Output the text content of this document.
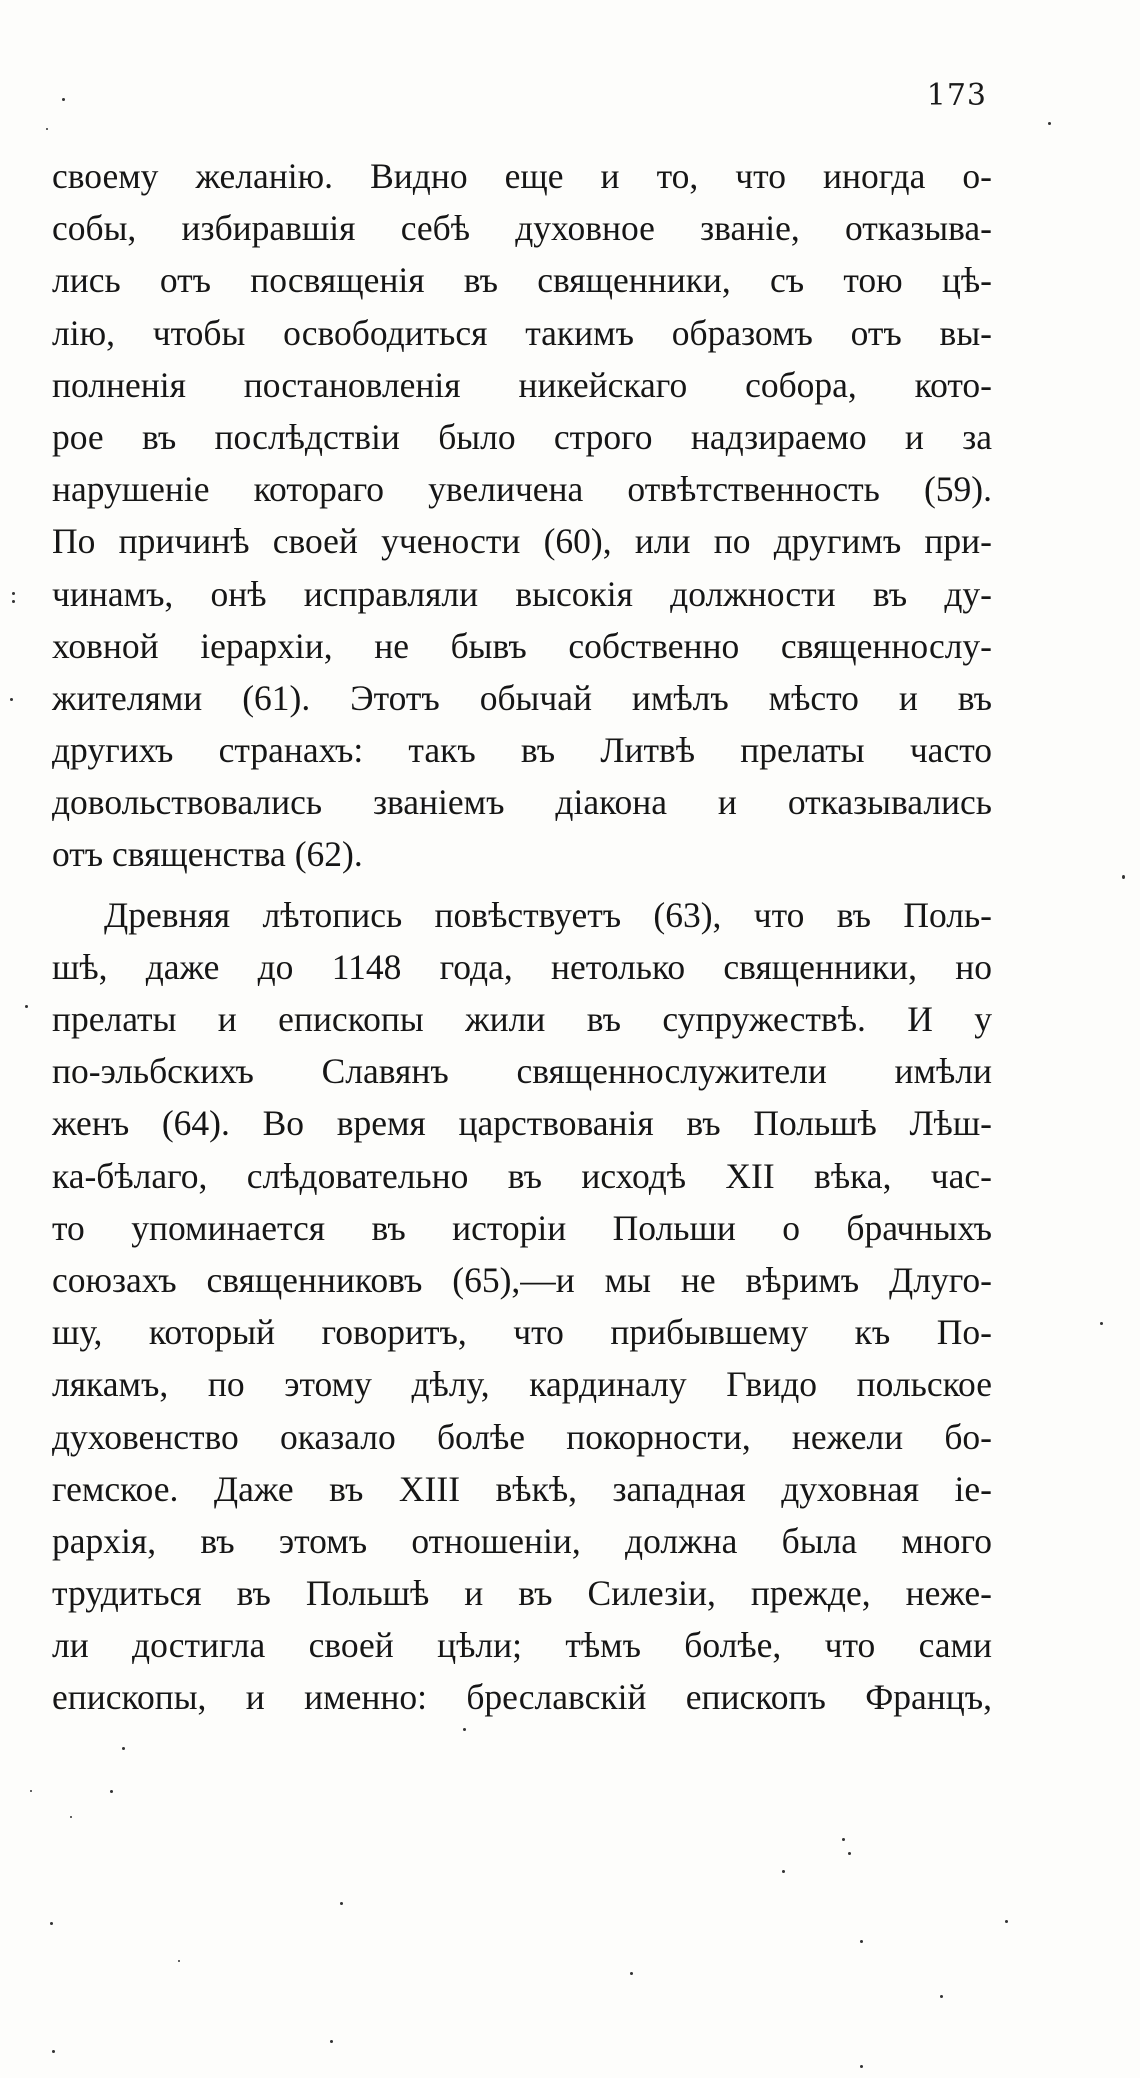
173
своему желанію. Видно еще и то, что иногда о-
собы, избиравшія себѣ духовное званіе, отказыва-
лись отъ посвященія въ священники, съ тою цѣ-
лію, чтобы освободиться такимъ образомъ отъ вы-
полненія постановленія никейскаго собора, кото-
рое въ послѣдствіи было строго надзираемо и за
нарушеніе котораго увеличена отвѣтственность (59).
По причинѣ своей учености (60), или по другимъ при-
чинамъ, онѣ исправляли высокія должности въ ду-
ховной іерархіи, не бывъ собственно священнослу-
жителями (61). Этотъ обычай имѣлъ мѣсто и въ
другихъ странахъ: такъ въ Литвѣ прелаты часто
довольствовались званіемъ діакона и отказывались
отъ священства (62).
Древняя лѣтопись повѣствуетъ (63), что въ Поль-
шѣ, даже до 1148 года, нетолько священники, но
прелаты и епископы жили въ супружествѣ. И у
по-эльбскихъ Славянъ священнослужители имѣли
женъ (64). Во время царствованія въ Польшѣ Лѣш-
ка-бѣлаго, слѣдовательно въ исходѣ XII вѣка, час-
то упоминается въ исторіи Польши о брачныхъ
союзахъ священниковъ (65),—и мы не вѣримъ Длуго-
шу, который говоритъ, что прибывшему къ По-
лякамъ, по этому дѣлу, кардиналу Гвидо польское
духовенство оказало болѣе покорности, нежели бо-
гемское. Даже въ XIII вѣкѣ, западная духовная іе-
рархія, въ этомъ отношеніи, должна была много
трудиться въ Польшѣ и въ Силезіи, прежде, неже-
ли достигла своей цѣли; тѣмъ болѣе, что сами
епископы, и именно: бреславскій епископъ Францъ,
